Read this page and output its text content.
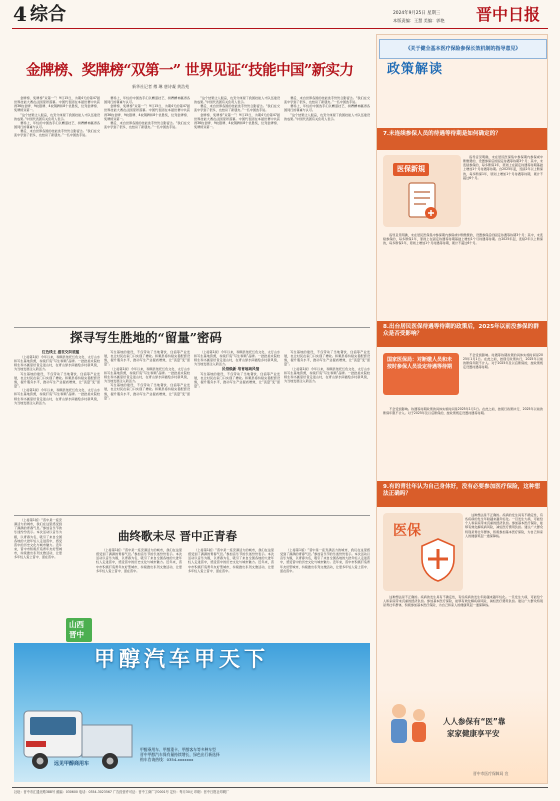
4 综合	2024年9月25日 星期三
本版责编：王慧 美编：郭艳 晋中日报
金牌榜、奖牌榜“双第一” 世界见证“技能中国”新实力
新华社记者 傅 琳 唐诗凝 黄浩苑

金牌榜、奖牌榜“双第一”！9月15日，为期4天的第47届世界技能大赛在法国里昂落幕。中国代表团在本届世赛中共获得36枚金牌、9枚银牌、4枚铜牌和8个优胜奖，位列金牌榜、奖牌榜双第一。

“这个结果让人振奋，也充分体现了我国技能人才队伍建设的成果。”中国代表团有关负责人表示。

赛场上，年轻的中国选手们以精湛技艺、拼搏精神赢得各国同行的尊重与认可。

赛后，来自世界各国的技能选手纷纷合影留念。“我们在交流中学到了很多，也结识了新朋友。”一名中国选手说。

赛场上，年轻的中国选手们以精湛技艺、拼搏精神赢得各国同行的尊重与认可。

金牌榜、奖牌榜“双第一”！9月15日，为期4天的第47届世界技能大赛在法国里昂落幕。中国代表团在本届世赛中共获得36枚金牌、9枚银牌、4枚铜牌和8个优胜奖，位列金牌榜、奖牌榜双第一。

赛后，来自世界各国的技能选手纷纷合影留念。“我们在交流中学到了很多，也结识了新朋友。”一名中国选手说。

“这个结果让人振奋，也充分体现了我国技能人才队伍建设的成果。”中国代表团有关负责人表示。

赛后，来自世界各国的技能选手纷纷合影留念。“我们在交流中学到了很多，也结识了新朋友。”一名中国选手说。

金牌榜、奖牌榜“双第一”！9月15日，为期4天的第47届世界技能大赛在法国里昂落幕。中国代表团在本届世赛中共获得36枚金牌、9枚银牌、4枚铜牌和8个优胜奖，位列金牌榜、奖牌榜双第一。

赛后，来自世界各国的技能选手纷纷合影留念。“我们在交流中学到了很多，也结识了新朋友。”一名中国选手说。

赛场上，年轻的中国选手们以精湛技艺、拼搏精神赢得各国同行的尊重与认可。

“这个结果让人振奋，也充分体现了我国技能人才队伍建设的成果。”中国代表团有关负责人表示。

探寻写生胜地的“留量”密码

红色线主 盛世交织底蕴

（上接第1版）今年以来，和顺县依托红色文化、太行山水和写生基地资源，持续打造“写生和顺”品牌。一批批美术院校师生和书画爱好者走进山村，在青山绿水间描绘乡村新风貌，为当地发展注入新活力。

写生基地的建设，不仅带动了当地餐饮、住宿等产业发展，也让村民在家门口实现了增收。和顺县将持续完善配套设施，提升服务水平，推动写生产业提质增效，让“流量”变“留量”。

（上接第1版）今年以来，和顺县依托红色文化、太行山水和写生基地资源，持续打造“写生和顺”品牌。一批批美术院校师生和书画爱好者走进山村，在青山绿水间描绘乡村新风貌，为当地发展注入新活力。

写生基地的建设，不仅带动了当地餐饮、住宿等产业发展，也让村民在家门口实现了增收。和顺县将持续完善配套设施，提升服务水平，推动写生产业提质增效，让“流量”变“留量”。

（上接第1版）今年以来，和顺县依托红色文化、太行山水和写生基地资源，持续打造“写生和顺”品牌。一批批美术院校师生和书画爱好者走进山村，在青山绿水间描绘乡村新风貌，为当地发展注入新活力。

写生基地的建设，不仅带动了当地餐饮、住宿等产业发展，也让村民在家门口实现了增收。和顺县将持续完善配套设施，提升服务水平，推动写生产业提质增效，让“流量”变“留量”。

（上接第1版）今年以来，和顺县依托红色文化、太行山水和写生基地资源，持续打造“写生和顺”品牌。一批批美术院校师生和书画爱好者走进山村，在青山绿水间描绘乡村新风貌，为当地发展注入新活力。

民俗焕新 培育地域风情

写生基地的建设，不仅带动了当地餐饮、住宿等产业发展，也让村民在家门口实现了增收。和顺县将持续完善配套设施，提升服务水平，推动写生产业提质增效，让“流量”变“留量”。

写生基地的建设，不仅带动了当地餐饮、住宿等产业发展，也让村民在家门口实现了增收。和顺县将持续完善配套设施，提升服务水平，推动写生产业提质增效，让“流量”变“留量”。

（上接第1版）今年以来，和顺县依托红色文化、太行山水和写生基地资源，持续打造“写生和顺”品牌。一批批美术院校师生和书画爱好者走进山村，在青山绿水间描绘乡村新风貌，为当地发展注入新活力。

曲终歌未尽 晋中正青春

（上接第1版）“晋中是一座充满活力的城市，我们在这里感受到了满满的青春气息。”参加音乐节的乐迷纷纷表示。本次活动以音乐为媒，以青春为名，吸引了来自全国各地的大批年轻人走进晋中，感受晋中的历史文化与城市魅力。近年来，晋中市积极打造青年友好型城市，持续推出系列文旅活动，让更多年轻人爱上晋中、留在晋中。

（上接第1版）“晋中是一座充满活力的城市，我们在这里感受到了满满的青春气息。”参加音乐节的乐迷纷纷表示。本次活动以音乐为媒，以青春为名，吸引了来自全国各地的大批年轻人走进晋中，感受晋中的历史文化与城市魅力。近年来，晋中市积极打造青年友好型城市，持续推出系列文旅活动，让更多年轻人爱上晋中、留在晋中。

（上接第1版）“晋中是一座充满活力的城市，我们在这里感受到了满满的青春气息。”参加音乐节的乐迷纷纷表示。本次活动以音乐为媒，以青春为名，吸引了来自全国各地的大批年轻人走进晋中，感受晋中的历史文化与城市魅力。近年来，晋中市积极打造青年友好型城市，持续推出系列文旅活动，让更多年轻人爱上晋中、留在晋中。

（上接第1版）“晋中是一座充满活力的城市，我们在这里感受到了满满的青春气息。”参加音乐节的乐迷纷纷表示。本次活动以音乐为媒，以青春为名，吸引了来自全国各地的大批年轻人走进晋中，感受晋中的历史文化与城市魅力。近年来，晋中市积极打造青年友好型城市，持续推出系列文旅活动，让更多年轻人爱上晋中、留在晋中。

山西
晋中
甲醇汽车甲天下
远见甲醇商用车
甲醇乘用车、甲醇重卡、甲醇客车等多种车型
晋中甲醇汽车保有量持续增长，绿色出行新选择
购车咨询热线：0354-xxxxxxx
《关于健全基本医疗保险参保长效机制的指导意见》
政策解读
7.未连续参保人员的待遇等待期是如何确定的？
医保新規

指导意见明确，未在居民医保集中参保期内参保或中断缴费的，设置参保后的固定待遇等待期3个月；其中，未连续参保的，每多断保1年，原则上在固定待遇等待期基础上增加1个月待遇等待期。自2025年起，连续2年以上断保的，每多断保1年，原则上增加1个月待遇等待期，累计不超过6个月。

指导意见明确，未在居民医保集中参保期内参保或中断缴费的，设置参保后的固定待遇等待期3个月；其中，未连续参保的，每多断保1年，原则上在固定待遇等待期基础上增加1个月待遇等待期。自2025年起，连续2年以上断保的，每多断保1年，原则上增加1个月待遇等待期，累计不超过6个月。

8.出台居民医保待遇等待期的政策后，2025年以前没参保的群众是否受影响？
国家医保局：对断缴人员和未按时参保人员设定待遇等待期

不会受到影响。待遇等待期政策的具体实施时间是2025年1月1日。在此之前，按现行政策执行，2025年以前的断保年限不计入。对于2025年及以后断保的，按政策规定设置待遇等待期。

不会受到影响。待遇等待期政策的具体实施时间是2025年1月1日。在此之前，按现行政策执行，2025年以前的断保年限不计入。对于2025年及以后断保的，按政策规定设置待遇等待期。

9.有的青壮年认为自己身体好，没有必要参加医疗保险，这种想法正确吗？
医保

这种想法是不正确的。疾病的发生具有不确定性，有些疾病的发生年龄越来越年轻化。一旦发生大病，可能给个人和家庭带来沉重的经济负担。参加基本医疗保险，能够有效化解疾病风险，减轻医疗费用负担。建议广大群众特别是青壮年群体，积极参加基本医疗保险，为自己和家人的健康筑起一道保障线。

这种想法是不正确的。疾病的发生具有不确定性，有些疾病的发生年龄越来越年轻化。一旦发生大病，可能给个人和家庭带来沉重的经济负担。参加基本医疗保险，能够有效化解疾病风险，减轻医疗费用负担。建议广大群众特别是青壮年群体，积极参加基本医疗保险，为自己和家人的健康筑起一道保障线。

人人参保有“医”靠
家家健康享平安
晋中市医疗保障局 宣
社址：晋中市汇通北路388号 邮编：030600 电话：0354-3023567 广告经营许可证：晋中工商广字0001号 定价：每月30元 印刷：晋中日报社印刷厂
